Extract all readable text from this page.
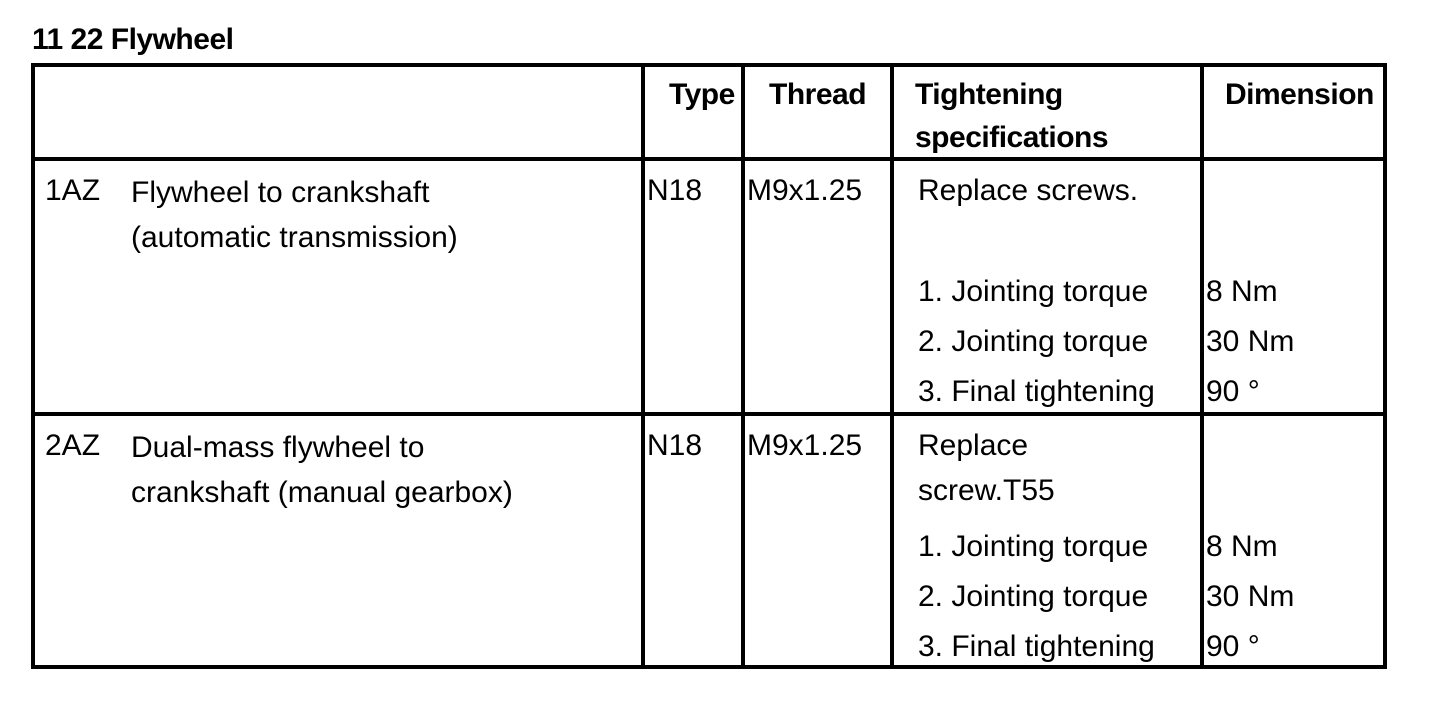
11 22 Flywheel
Type Thread Tightening
specifications
Dimension
1AZ Flywheel to crankshaft
(automatic transmission)
N18 M9x1.25 Replace screws.
1. Jointing torque
2. Jointing torque
3. Final tightening
8 Nm
30 Nm
90 °
2AZ Dual-mass flywheel to
crankshaft (manual gearbox)
N18 M9x1.25 Replace
screw.T55
1. Jointing torque
2. Jointing torque
3. Final tightening
8 Nm
30 Nm
90 °
